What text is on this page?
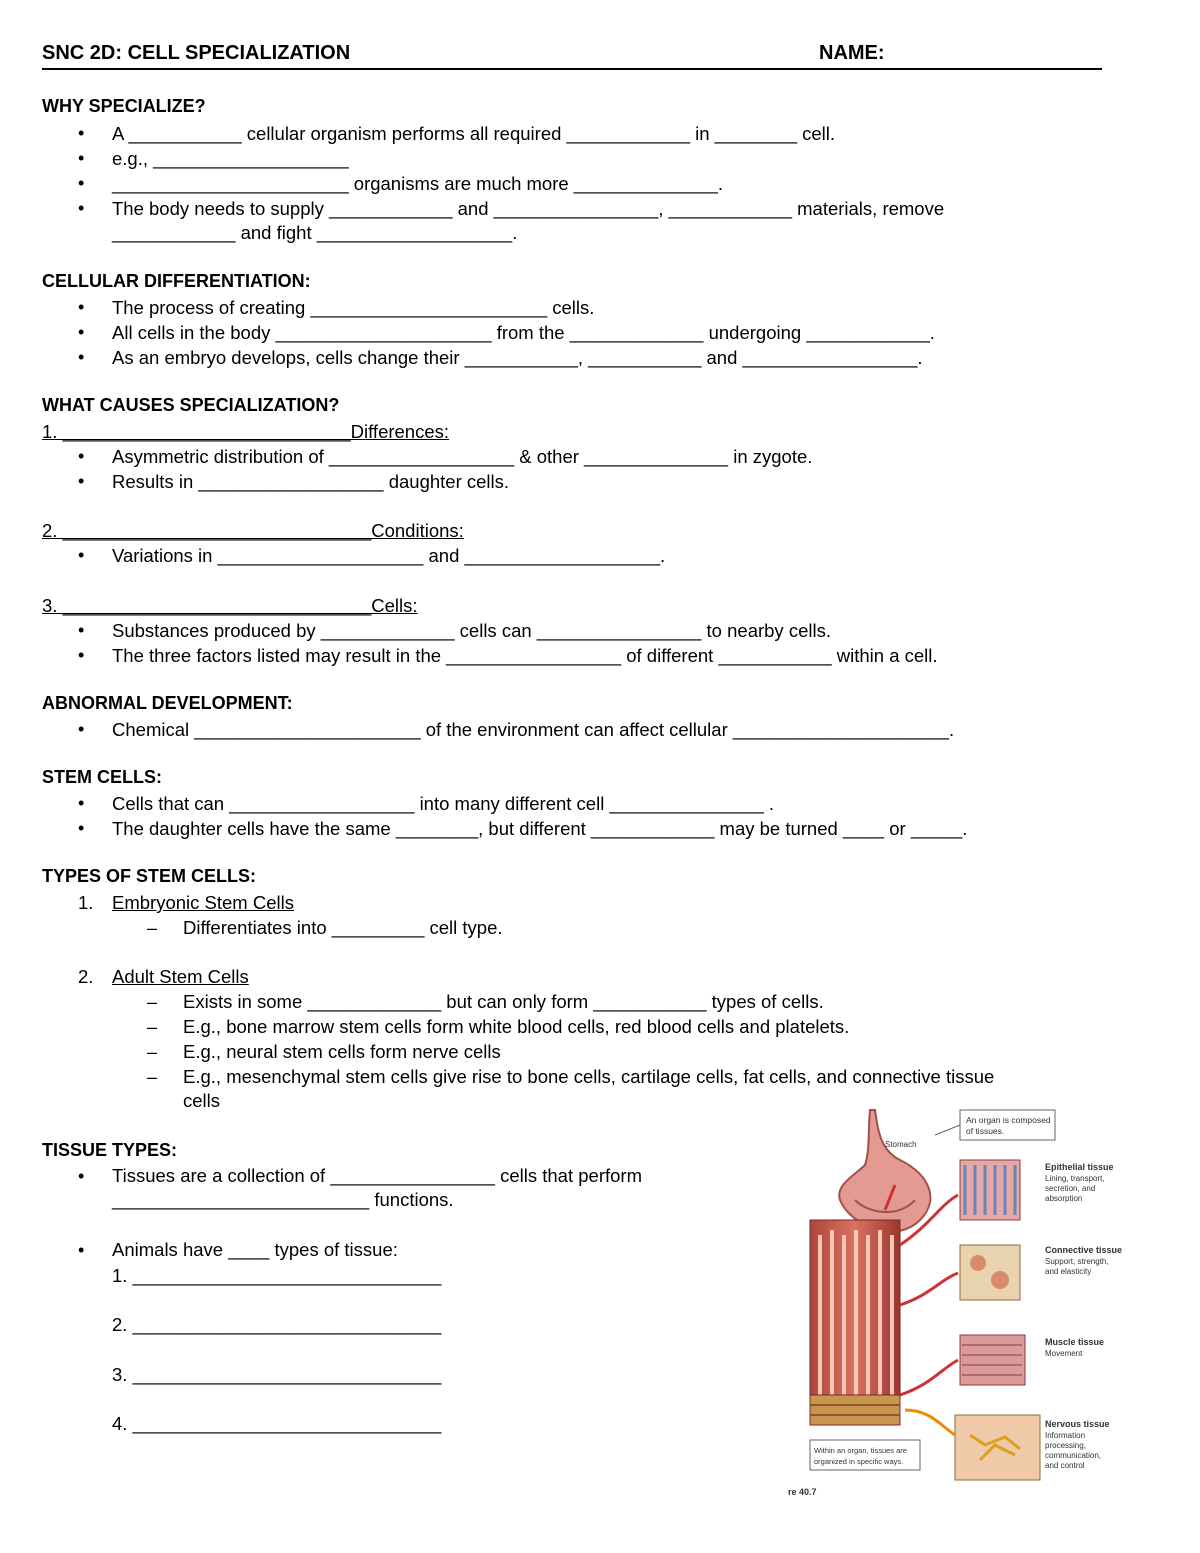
SNC 2D: CELL SPECIALIZATION	NAME:
WHY SPECIALIZE?
• A ___________ cellular organism performs all required ____________ in ________ cell.
• e.g., ___________________
• _______________________ organisms are much more ______________.
• The body needs to supply ____________ and ________________, ____________ materials, remove
____________ and fight ___________________.
CELLULAR DIFFERENTIATION:
• The process of creating _______________________ cells.
• All cells in the body _____________________ from the _____________ undergoing ____________.
• As an embryo develops, cells change their ___________, ___________ and _________________.
WHAT CAUSES SPECIALIZATION?
1. ____________________________Differences:
• Asymmetric distribution of __________________ & other ______________ in zygote.
• Results in __________________ daughter cells.
2. ______________________________Conditions:
• Variations in ____________________ and ___________________.
3. ______________________________Cells:
• Substances produced by _____________ cells can ________________ to nearby cells.
• The three factors listed may result in the _________________ of different ___________ within a cell.
ABNORMAL DEVELOPMENT:
• Chemical ______________________ of the environment can affect cellular _____________________.
STEM CELLS:
• Cells that can __________________ into many different cell _______________ .
• The daughter cells have the same ________, but different ____________ may be turned ____ or _____.
TYPES OF STEM CELLS:
1. Embryonic Stem Cells
– Differentiates into _________ cell type.
2. Adult Stem Cells
– Exists in some _____________ but can only form ___________ types of cells.
– E.g., bone marrow stem cells form white blood cells, red blood cells and platelets.
– E.g., neural stem cells form nerve cells
– E.g., mesenchymal stem cells give rise to bone cells, cartilage cells, fat cells, and connective tissue
cells
TISSUE TYPES:
• Tissues are a collection of ________________ cells that perform
_________________________ functions.
• Animals have ____ types of tissue:
1. ______________________________
2. ______________________________
3. ______________________________
4. ______________________________
Stomach
An organ is composed
of tissues.
Epithelial tissue
Lining, transport,
secretion, and
absorption
Connective tissue
Support, strength,
and elasticity
Muscle tissue
Movement
Nervous tissue
Information
processing,
communication,
and control
Within an organ, tissues are
organized in specific ways.
re 40.7
